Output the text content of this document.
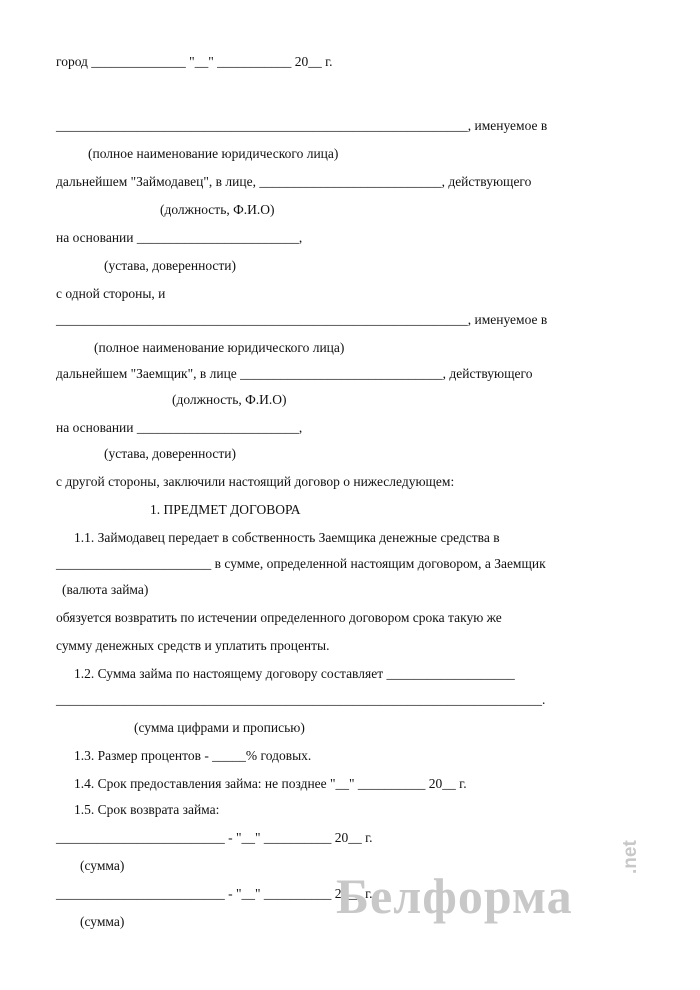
город ______________ "__" ___________ 20__ г.
_____________________________________________________________, именуемое в
(полное наименование юридического лица)
дальнейшем "Займодавец", в лице, ___________________________, действующего
(должность, Ф.И.О)
на основании ________________________,
(устава, доверенности)
с одной стороны, и
_____________________________________________________________, именуемое в
(полное наименование юридического лица)
дальнейшем "Заемщик", в лице ______________________________, действующего
(должность, Ф.И.О)
на основании ________________________,
(устава, доверенности)
с другой стороны, заключили настоящий договор о нижеследующем:
1. ПРЕДМЕТ ДОГОВОРА
1.1. Займодавец передает в собственность Заемщика денежные средства в
_______________________ в сумме, определенной настоящим договором, а Заемщик
(валюта займа)
обязуется возвратить по истечении определенного договором срока такую же
сумму денежных средств и уплатить проценты.
1.2. Сумма займа по настоящему договору составляет ___________________
________________________________________________________________________.
(сумма цифрами и прописью)
1.3. Размер процентов - _____% годовых.
1.4. Срок предоставления займа: не позднее "__" __________ 20__ г.
1.5. Срок возврата займа:
_________________________ - "__" __________ 20__ г.
(сумма)
_________________________ - "__" __________ 20__ г.
(сумма)	Белформа
.net
